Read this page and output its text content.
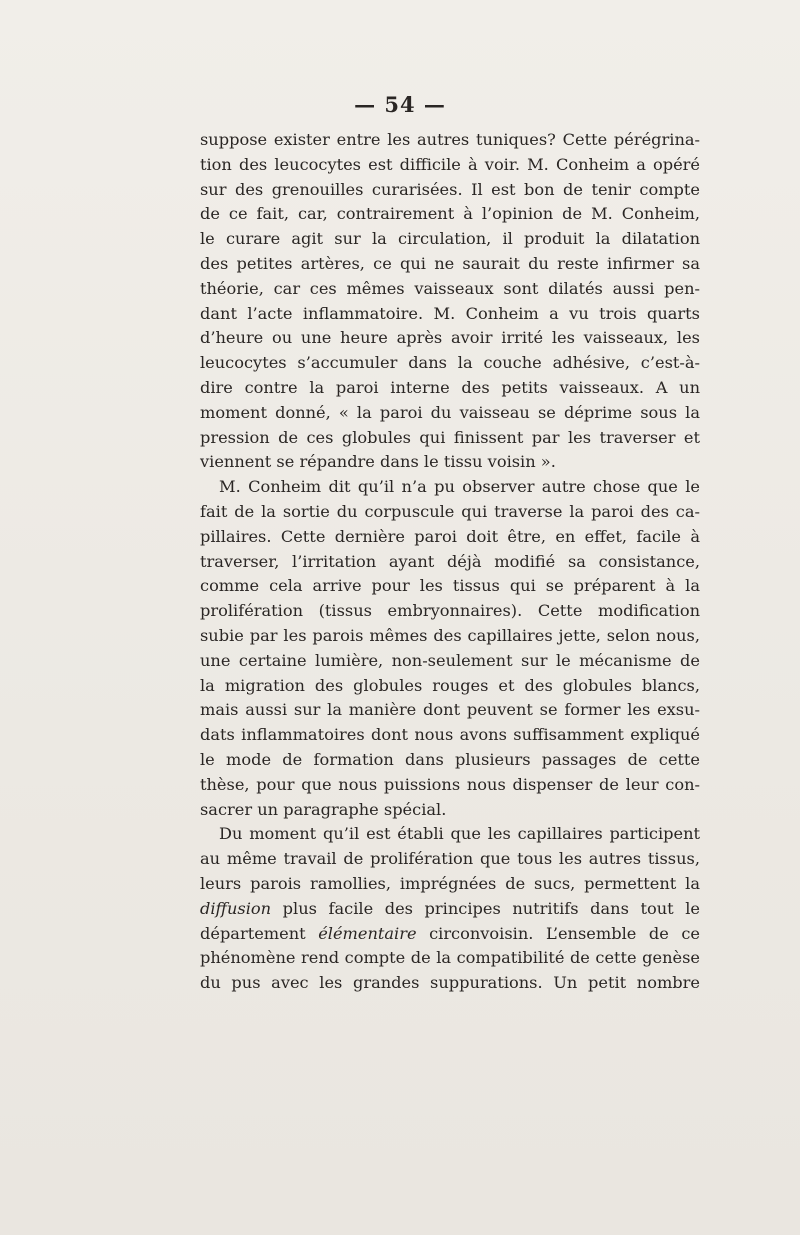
— 54 —
suppose exister entre les autres tuniques? Cette pérégrina-
tion des leucocytes est difficile à voir. M. Conheim a opéré
sur des grenouilles curarisées. Il est bon de tenir compte
de ce fait, car, contrairement à l’opinion de M. Conheim,
le curare agit sur la circulation, il produit la dilatation
des petites artères, ce qui ne saurait du reste infirmer sa
théorie, car ces mêmes vaisseaux sont dilatés aussi pen-
dant l’acte inflammatoire. M. Conheim a vu trois quarts
d’heure ou une heure après avoir irrité les vaisseaux, les
leucocytes s’accumuler dans la couche adhésive, c’est-à-
dire contre la paroi interne des petits vaisseaux. A un
moment donné, « la paroi du vaisseau se déprime sous la
pression de ces globules qui finissent par les traverser et
viennent se répandre dans le tissu voisin ».
M. Conheim dit qu’il n’a pu observer autre chose que le
fait de la sortie du corpuscule qui traverse la paroi des ca-
pillaires. Cette dernière paroi doit être, en effet, facile à
traverser, l’irritation ayant déjà modifié sa consistance,
comme cela arrive pour les tissus qui se préparent à la
prolifération (tissus embryonnaires). Cette modification
subie par les parois mêmes des capillaires jette, selon nous,
une certaine lumière, non-seulement sur le mécanisme de
la migration des globules rouges et des globules blancs,
mais aussi sur la manière dont peuvent se former les exsu-
dats inflammatoires dont nous avons suffisamment expliqué
le mode de formation dans plusieurs passages de cette
thèse, pour que nous puissions nous dispenser de leur con-
sacrer un paragraphe spécial.
Du moment qu’il est établi que les capillaires participent
au même travail de prolifération que tous les autres tissus,
leurs parois ramollies, imprégnées de sucs, permettent la
diffusion plus facile des principes nutritifs dans tout le
département élémentaire circonvoisin. L’ensemble de ce
phénomène rend compte de la compatibilité de cette genèse
du pus avec les grandes suppurations. Un petit nombre
